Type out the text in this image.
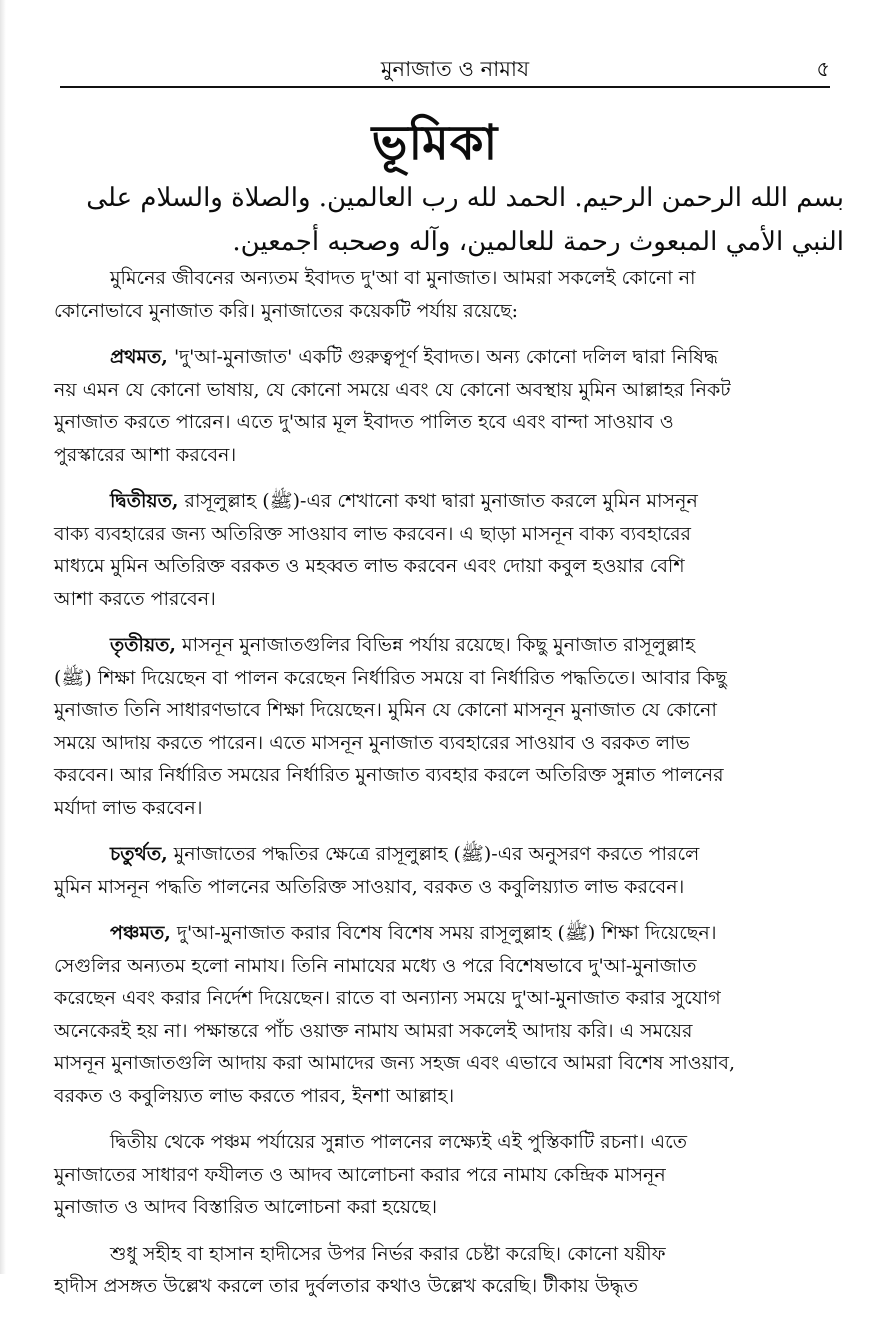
মুনাজাত ও নামায	৫
ভূমিকা
بسم الله الرحمن الرحيم. الحمد لله رب العالمين. والصلاة والسلام على
النبي الأمي المبعوث رحمة للعالمين، وآله وصحبه أجمعين.
মুমিনের জীবনের অন্যতম ইবাদত দু'আ বা মুনাজাত। আমরা সকলেই কোনো না
কোনোভাবে মুনাজাত করি। মুনাজাতের কয়েকটি পর্যায় রয়েছে:
প্রথমত, 'দু'আ-মুনাজাত' একটি গুরুত্বপূর্ণ ইবাদত। অন্য কোনো দলিল দ্বারা নিষিদ্ধ
নয় এমন যে কোনো ভাষায়, যে কোনো সময়ে এবং যে কোনো অবস্থায় মুমিন আল্লাহর নিকট
মুনাজাত করতে পারেন। এতে দু'আর মূল ইবাদত পালিত হবে এবং বান্দা সাওয়াব ও
পুরস্কারের আশা করবেন।
দ্বিতীয়ত, রাসূলুল্লাহ (ﷺ)-এর শেখানো কথা দ্বারা মুনাজাত করলে মুমিন মাসনূন
বাক্য ব্যবহারের জন্য অতিরিক্ত সাওয়াব লাভ করবেন। এ ছাড়া মাসনূন বাক্য ব্যবহারের
মাধ্যমে মুমিন অতিরিক্ত বরকত ও মহব্বত লাভ করবেন এবং দোয়া কবুল হওয়ার বেশি
আশা করতে পারবেন।
তৃতীয়ত, মাসনূন মুনাজাতগুলির বিভিন্ন পর্যায় রয়েছে। কিছু মুনাজাত রাসূলুল্লাহ
(ﷺ) শিক্ষা দিয়েছেন বা পালন করেছেন নির্ধারিত সময়ে বা নির্ধারিত পদ্ধতিতে। আবার কিছু
মুনাজাত তিনি সাধারণভাবে শিক্ষা দিয়েছেন। মুমিন যে কোনো মাসনূন মুনাজাত যে কোনো
সময়ে আদায় করতে পারেন। এতে মাসনূন মুনাজাত ব্যবহারের সাওয়াব ও বরকত লাভ
করবেন। আর নির্ধারিত সময়ের নির্ধারিত মুনাজাত ব্যবহার করলে অতিরিক্ত সুন্নাত পালনের
মর্যাদা লাভ করবেন।
চতুর্থত, মুনাজাতের পদ্ধতির ক্ষেত্রে রাসূলুল্লাহ (ﷺ)-এর অনুসরণ করতে পারলে
মুমিন মাসনূন পদ্ধতি পালনের অতিরিক্ত সাওয়াব, বরকত ও কবুলিয়্যাত লাভ করবেন।
পঞ্চমত, দু'আ-মুনাজাত করার বিশেষ বিশেষ সময় রাসূলুল্লাহ (ﷺ) শিক্ষা দিয়েছেন।
সেগুলির অন্যতম হলো নামায। তিনি নামাযের মধ্যে ও পরে বিশেষভাবে দু'আ-মুনাজাত
করেছেন এবং করার নির্দেশ দিয়েছেন। রাতে বা অন্যান্য সময়ে দু'আ-মুনাজাত করার সুযোগ
অনেকেরই হয় না। পক্ষান্তরে পাঁচ ওয়াক্ত নামায আমরা সকলেই আদায় করি। এ সময়ের
মাসনূন মুনাজাতগুলি আদায় করা আমাদের জন্য সহজ এবং এভাবে আমরা বিশেষ সাওয়াব,
বরকত ও কবুলিয়্যত লাভ করতে পারব, ইনশা আল্লাহ।
দ্বিতীয় থেকে পঞ্চম পর্যায়ের সুন্নাত পালনের লক্ষ্যেই এই পুস্তিকাটি রচনা। এতে
মুনাজাতের সাধারণ ফযীলত ও আদব আলোচনা করার পরে নামায কেন্দ্রিক মাসনূন
মুনাজাত ও আদব বিস্তারিত আলোচনা করা হয়েছে।
শুধু সহীহ বা হাসান হাদীসের উপর নির্ভর করার চেষ্টা করেছি। কোনো যয়ীফ
হাদীস প্রসঙ্গত উল্লেখ করলে তার দুর্বলতার কথাও উল্লেখ করেছি। টীকায় উদ্ধৃত
